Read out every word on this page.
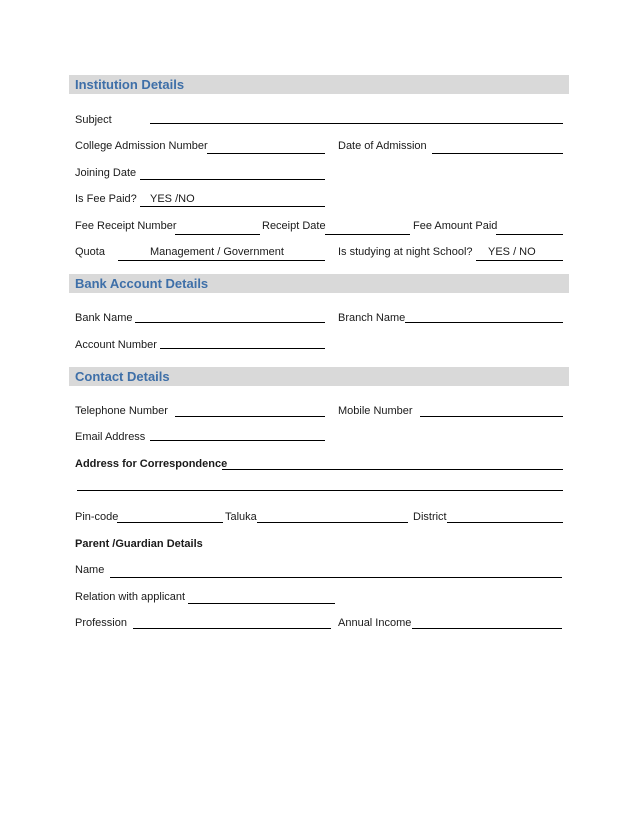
Institution Details
Subject
College Admission Number	Date of Admission
Joining Date
Is Fee Paid? YES /NO
Fee Receipt Number	Receipt Date	Fee Amount Paid
Quota	Management / Government	Is studying at night School? YES / NO
Bank Account Details
Bank Name	Branch Name
Account Number
Contact Details
Telephone Number	Mobile Number
Email Address
Address for Correspondence
Pin-code	Taluka	District
Parent /Guardian Details
Name
Relation with applicant
Profession	Annual Income
